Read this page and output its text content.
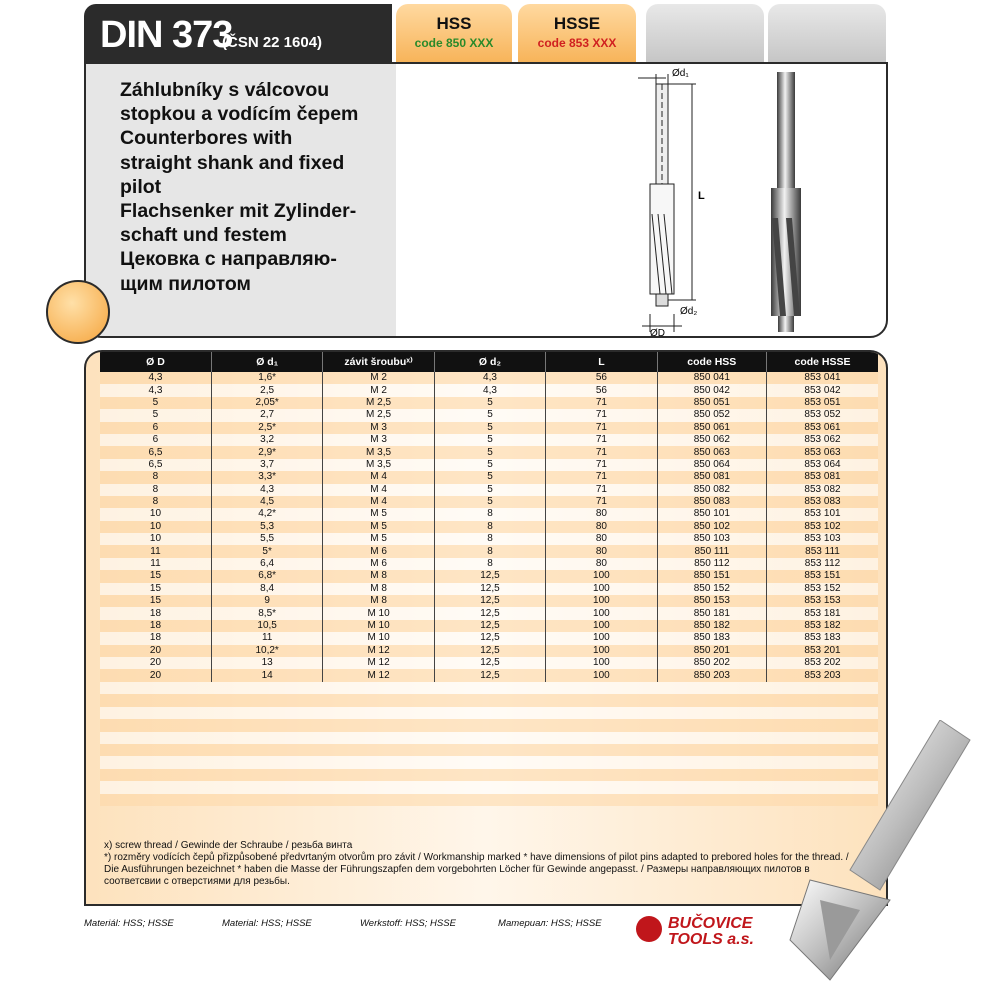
DIN 373
(ČSN 22 1604)
HSS
code 850 XXX
HSSE
code 853 XXX
Záhlubníky s válcovou
stopkou a vodícím čepem
Counterbores with
straight shank and fixed
pilot
Flachsenker mit Zylinder-
schaft und festem
Цековка с направляю-
щим пилотом
Ød₁
L
Ød₂
ØD
Ø D	Ø d₁	závit šroubuˣ⁾	Ø d₂	L	code HSS	code HSSE
4,3	1,6*	M 2	4,3	56	850 041	853 041
4,3	2,5	M 2	4,3	56	850 042	853 042
5	2,05*	M 2,5	5	71	850 051	853 051
5	2,7	M 2,5	5	71	850 052	853 052
6	2,5*	M 3	5	71	850 061	853 061
6	3,2	M 3	5	71	850 062	853 062
6,5	2,9*	M 3,5	5	71	850 063	853 063
6,5	3,7	M 3,5	5	71	850 064	853 064
8	3,3*	M 4	5	71	850 081	853 081
8	4,3	M 4	5	71	850 082	853 082
8	4,5	M 4	5	71	850 083	853 083
10	4,2*	M 5	8	80	850 101	853 101
10	5,3	M 5	8	80	850 102	853 102
10	5,5	M 5	8	80	850 103	853 103
11	5*	M 6	8	80	850 111	853 111
11	6,4	M 6	8	80	850 112	853 112
15	6,8*	M 8	12,5	100	850 151	853 151
15	8,4	M 8	12,5	100	850 152	853 152
15	9	M 8	12,5	100	850 153	853 153
18	8,5*	M 10	12,5	100	850 181	853 181
18	10,5	M 10	12,5	100	850 182	853 182
18	11	M 10	12,5	100	850 183	853 183
20	10,2*	M 12	12,5	100	850 201	853 201
20	13	M 12	12,5	100	850 202	853 202
20	14	M 12	12,5	100	850 203	853 203
x) screw thread / Gewinde der Schraube / резьба винта
*) rozměry vodících čepů přizpůsobené předvrtaným otvorům pro závit / Workmanship marked * have dimensions of pilot pins adapted to prebored holes for the thread. / Die Ausführungen bezeichnet * haben die Masse der Führungszapfen dem vorgebohrten Löcher für Gewinde angepasst. / Размеры направляющих пилотов в соответсвии с отверстиями для резьбы.
Materiál: HSS; HSSE	Material: HSS; HSSE	Werkstoff: HSS; HSSE	Материал: HSS; HSSE	BUČOVICE
TOOLS a.s.
